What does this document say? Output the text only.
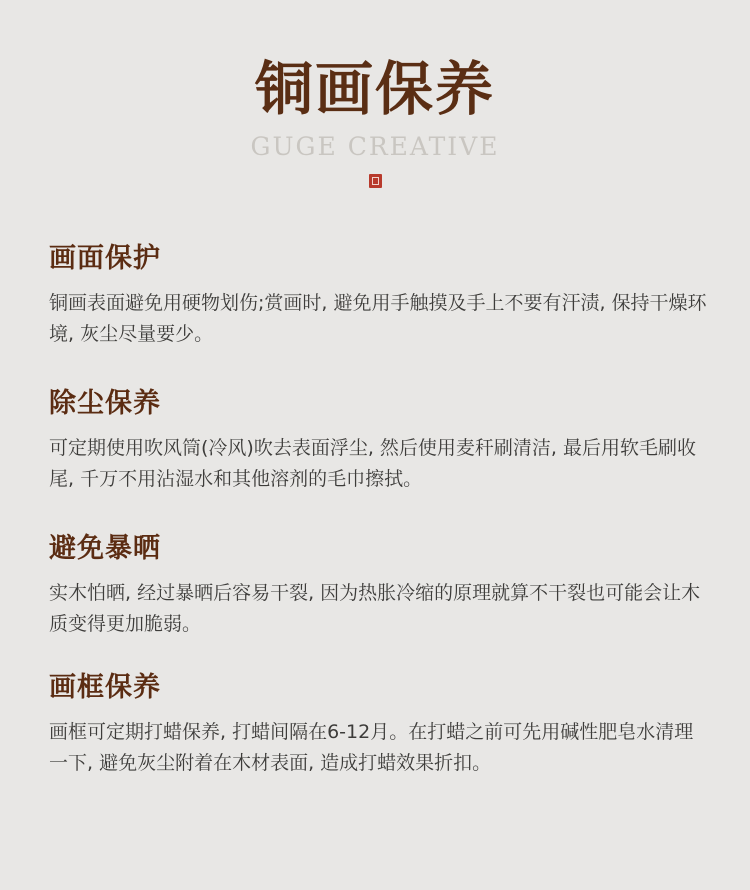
铜画保养
GUGE CREATIVE
画面保护

铜画表面避免用硬物划伤;赏画时, 避免用手触摸及手上不要有汗渍, 保持干燥环境, 灰尘尽量要少。

除尘保养

可定期使用吹风筒(冷风)吹去表面浮尘, 然后使用麦秆刷清洁, 最后用软毛刷收尾, 千万不用沾湿水和其他溶剂的毛巾擦拭。

避免暴晒

实木怕晒, 经过暴晒后容易干裂, 因为热胀冷缩的原理就算不干裂也可能会让木质变得更加脆弱。

画框保养

画框可定期打蜡保养, 打蜡间隔在6-12月。在打蜡之前可先用碱性肥皂水清理一下, 避免灰尘附着在木材表面, 造成打蜡效果折扣。
